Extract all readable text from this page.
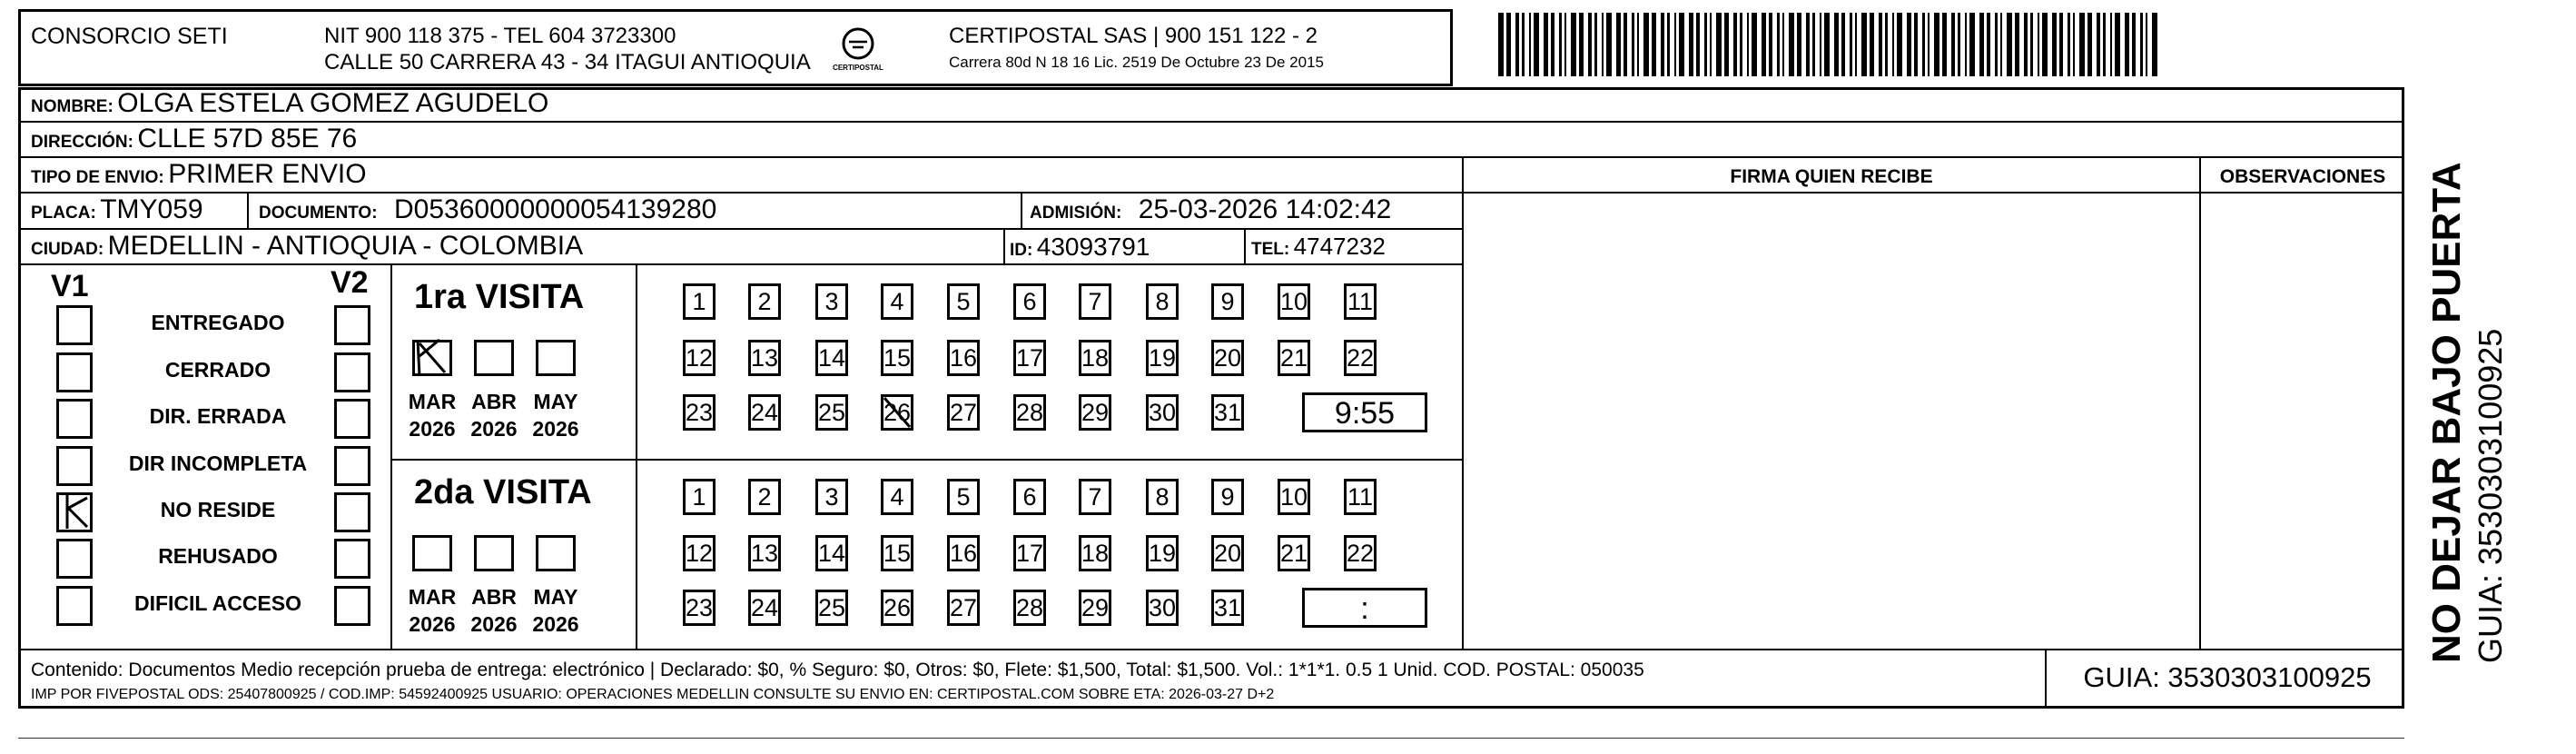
CONSORCIO SETI	NIT 900 118 375 - TEL 604 3723300
CALLE 50 CARRERA 43 - 34 ITAGUI ANTIOQUIA	CERTIPOSTAL
CERTIPOSTAL SAS | 900 151 122 - 2
Carrera 80d N 18 16 Lic. 2519 De Octubre 23 De 2015
NOMBRE: OLGA ESTELA GOMEZ AGUDELO
DIRECCIÓN: CLLE 57D 85E 76
TIPO DE ENVIO: PRIMER ENVIO	FIRMA QUIEN RECIBE	OBSERVACIONES
PLACA: TMY059	DOCUMENTO: D05360000000054139280	ADMISIÓN: 25-03-2026 14:02:42
CIUDAD: MEDELLIN - ANTIOQUIA - COLOMBIA	ID: 43093791	TEL: 4747232
V1	V2
ENTREGADO
CERRADO
DIR. ERRADA
DIR INCOMPLETA
NO RESIDE
REHUSADO
DIFICIL ACCESO
1ra VISITA
MAR
2026
ABR
2026
MAY
2026
1	2	3	4	5	6	7	8	9	10 11
12 13 14 15 16 17 18 19 20 21 22
23 24 25 26 27 28 29 30 31	9:55
2da VISITA
MAR
2026
ABR
2026
MAY
2026
1	2	3	4	5	6	7	8	9	10 11
12 13 14 15 16 17 18 19 20 21 22
23 24 25 26 27 28 29 30 31	:
Contenido: Documentos Medio recepción prueba de entrega: electrónico | Declarado: $0, % Seguro: $0, Otros: $0, Flete: $1,500, Total: $1,500. Vol.: 1*1*1. 0.5 1 Unid. COD. POSTAL: 050035
IMP POR FIVEPOSTAL ODS: 25407800925 / COD.IMP: 54592400925 USUARIO: OPERACIONES MEDELLIN CONSULTE SU ENVIO EN: CERTIPOSTAL.COM SOBRE ETA: 2026-03-27 D+2
GUIA: 3530303100925
NO DEJAR BAJO PUERTA GUIA: 3530303100925
